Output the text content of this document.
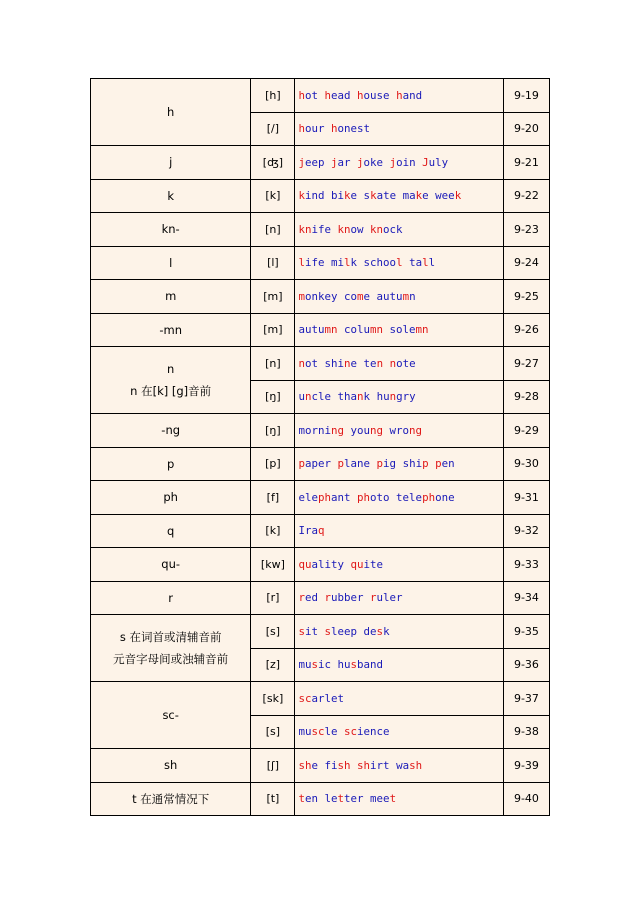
h	[h]	hot head house hand	9-19
	[/]	hour honest	9-20

j	[ʤ]	jeep jar joke join July	9-21

k	[k]	kind bike skate make week	9-22

kn-	[n]	knife know knock	9-23

l	[l]	life milk school tall	9-24

m	[m]	monkey come autumn	9-25

-mn	[m]	autumn column solemn	9-26

n
n 在[k] [g]音前	[n]	not shine ten note	9-27
	[ŋ]	uncle thank hungry	9-28

-ng	[ŋ]	morning young wrong	9-29

p	[p]	paper plane pig ship pen	9-30

ph	[f]	elephant photo telephone	9-31

q	[k]	Iraq	9-32

qu-	[kw]	quality quite	9-33

r	[r]	red rubber ruler	9-34

s 在词首或清辅音前
元音字母间或浊辅音前	[s]	sit sleep desk	9-35
	[z]	music husband	9-36

sc-	[sk]	scarlet	9-37
	[s]	muscle science	9-38

sh	[ʃ]	she fish shirt wash	9-39

t 在通常情况下	[t]	ten letter meet	9-40
